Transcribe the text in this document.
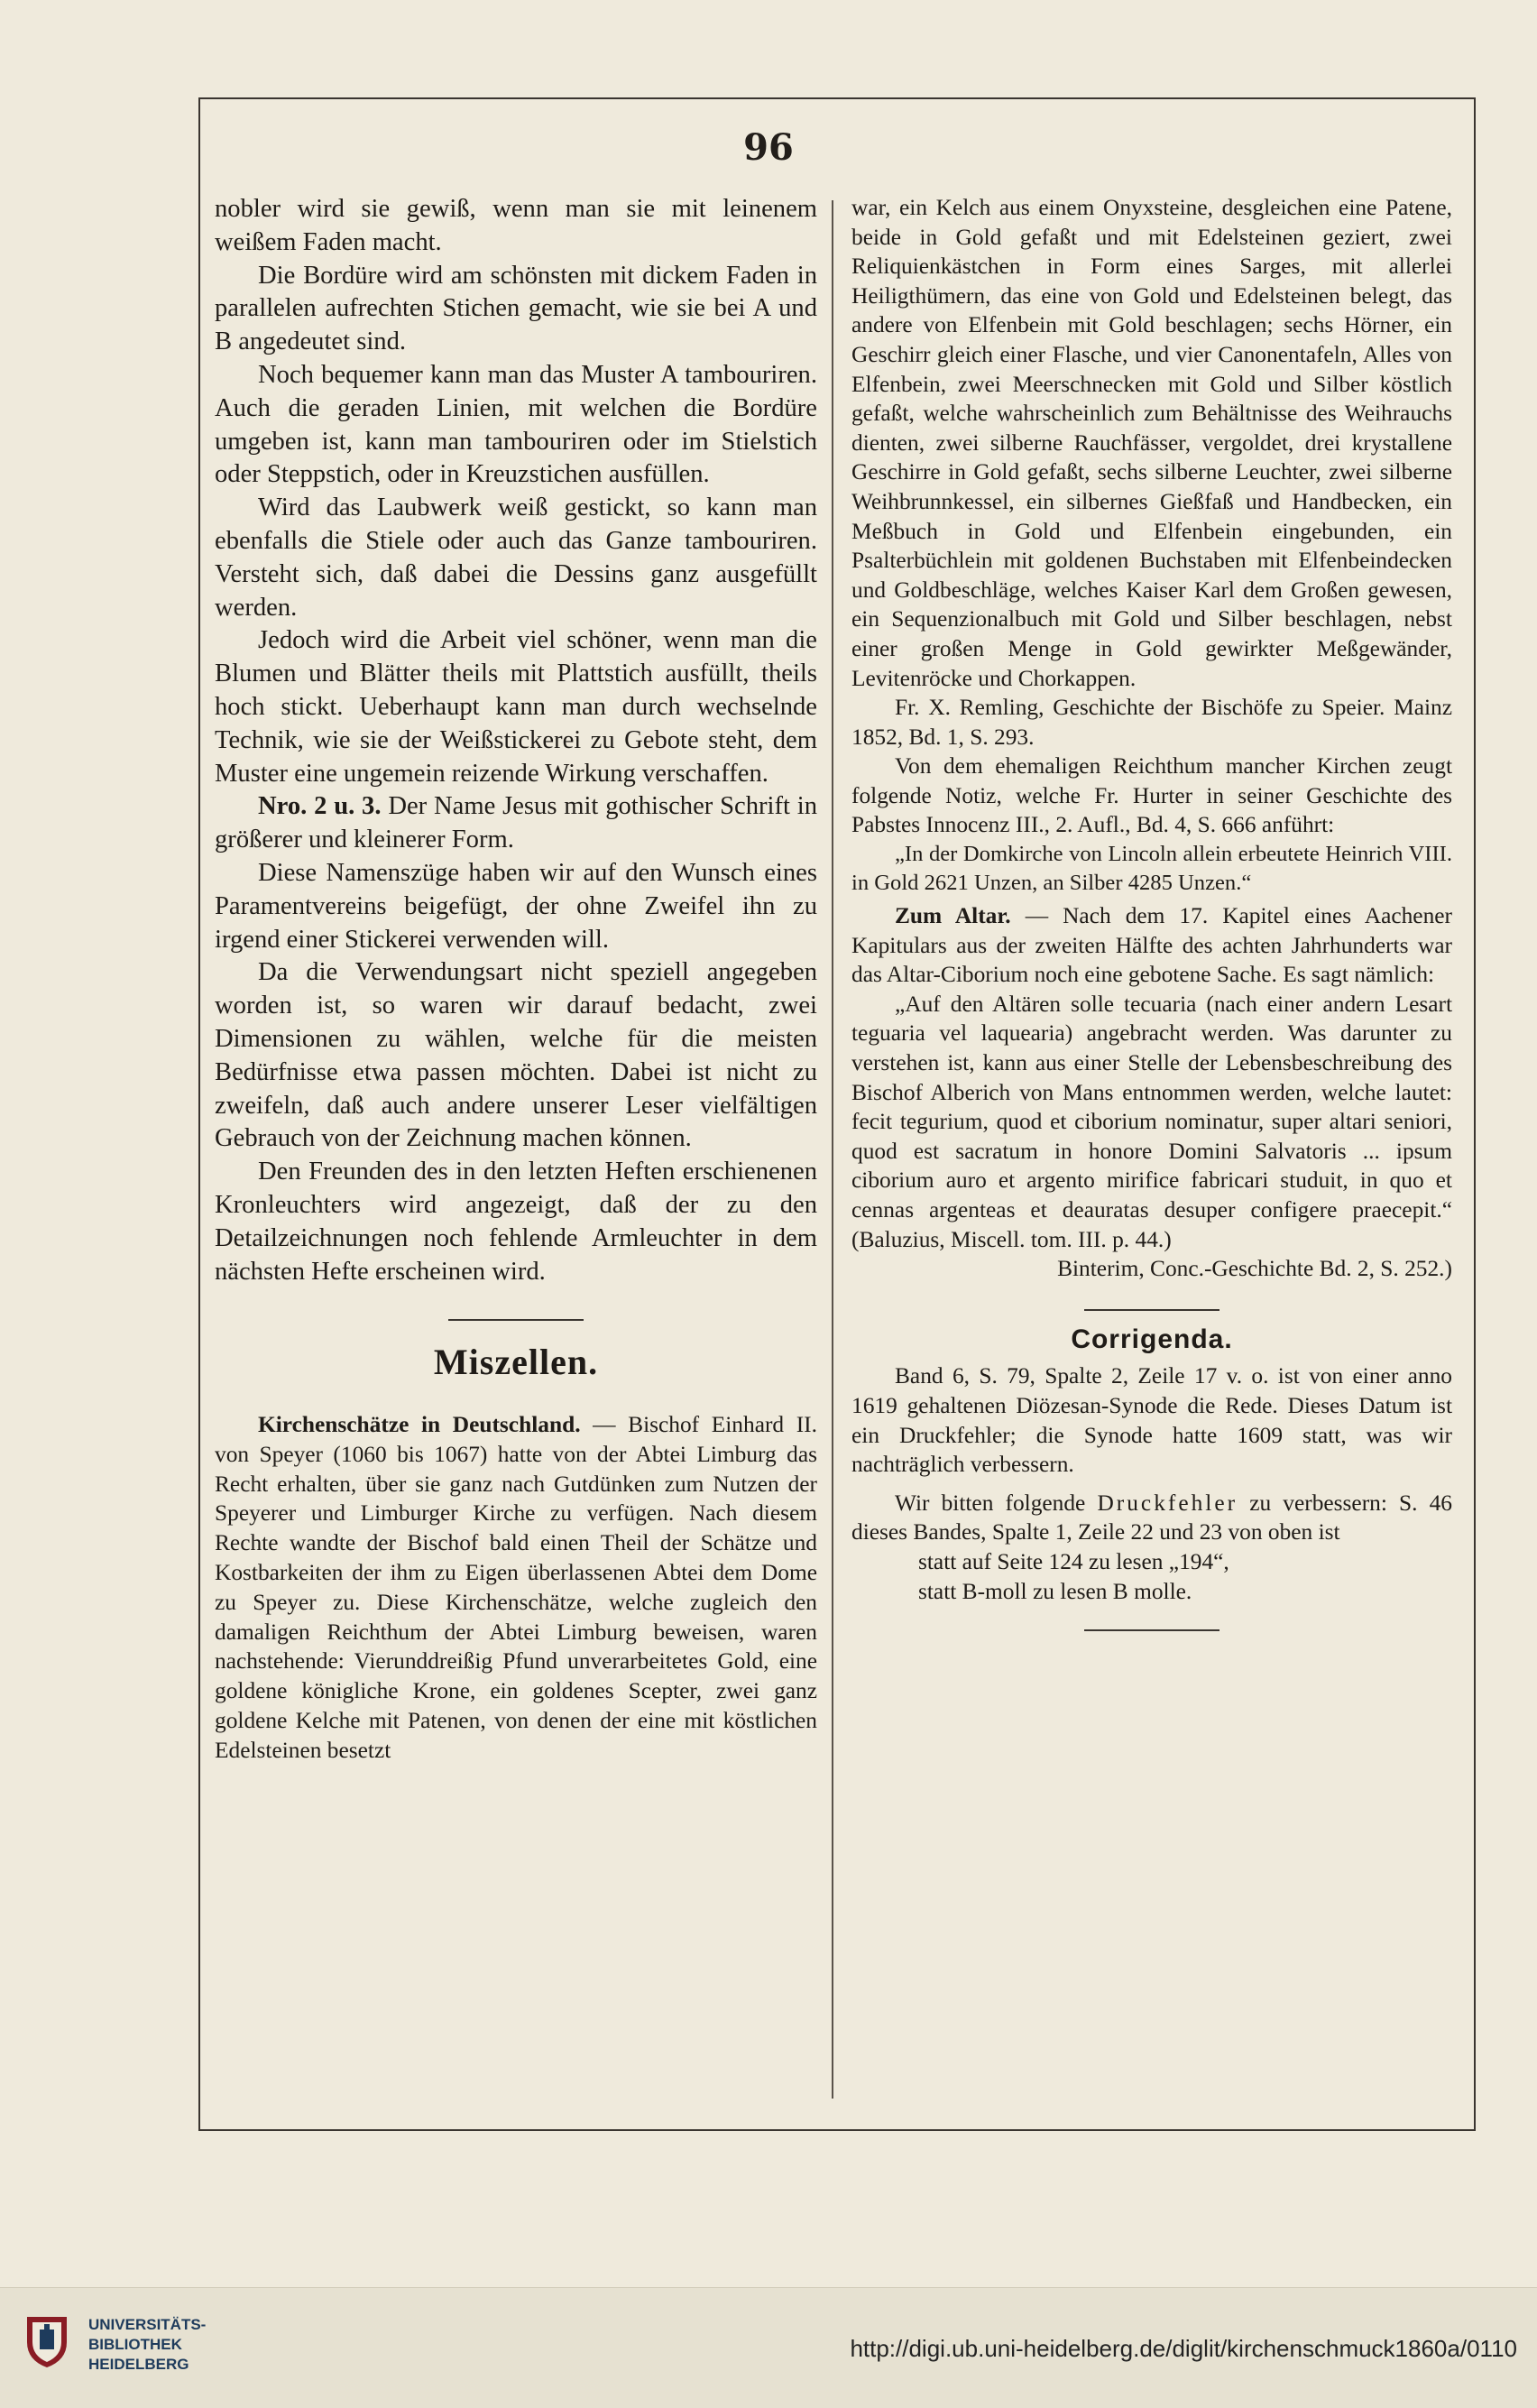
96

nobler wird sie gewiß, wenn man sie mit leinenem weißem Faden macht.

Die Bordüre wird am schönsten mit dickem Faden in parallelen aufrechten Stichen gemacht, wie sie bei A und B angedeutet sind.

Noch bequemer kann man das Muster A tambouriren. Auch die geraden Linien, mit welchen die Bordüre umgeben ist, kann man tambouriren oder im Stielstich oder Steppstich, oder in Kreuzstichen ausfüllen.

Wird das Laubwerk weiß gestickt, so kann man ebenfalls die Stiele oder auch das Ganze tambouriren. Versteht sich, daß dabei die Dessins ganz ausgefüllt werden.

Jedoch wird die Arbeit viel schöner, wenn man die Blumen und Blätter theils mit Plattstich ausfüllt, theils hoch stickt. Ueberhaupt kann man durch wechselnde Technik, wie sie der Weißstickerei zu Gebote steht, dem Muster eine ungemein reizende Wirkung verschaffen.

Nro. 2 u. 3. Der Name Jesus mit gothischer Schrift in größerer und kleinerer Form.

Diese Namenszüge haben wir auf den Wunsch eines Paramentvereins beigefügt, der ohne Zweifel ihn zu irgend einer Stickerei verwenden will.

Da die Verwendungsart nicht speziell angegeben worden ist, so waren wir darauf bedacht, zwei Dimensionen zu wählen, welche für die meisten Bedürfnisse etwa passen möchten. Dabei ist nicht zu zweifeln, daß auch andere unserer Leser vielfältigen Gebrauch von der Zeichnung machen können.

Den Freunden des in den letzten Heften erschienenen Kronleuchters wird angezeigt, daß der zu den Detailzeichnungen noch fehlende Armleuchter in dem nächsten Hefte erscheinen wird.

Miszellen.

Kirchenschätze in Deutschland. — Bischof Einhard II. von Speyer (1060 bis 1067) hatte von der Abtei Limburg das Recht erhalten, über sie ganz nach Gutdünken zum Nutzen der Speyerer und Limburger Kirche zu verfügen. Nach diesem Rechte wandte der Bischof bald einen Theil der Schätze und Kostbarkeiten der ihm zu Eigen überlassenen Abtei dem Dome zu Speyer zu. Diese Kirchenschätze, welche zugleich den damaligen Reichthum der Abtei Limburg beweisen, waren nachstehende: Vierunddreißig Pfund unverarbeitetes Gold, eine goldene königliche Krone, ein goldenes Scepter, zwei ganz goldene Kelche mit Patenen, von denen der eine mit köstlichen Edelsteinen besetzt

war, ein Kelch aus einem Onyxsteine, desgleichen eine Patene, beide in Gold gefaßt und mit Edelsteinen geziert, zwei Reliquienkästchen in Form eines Sarges, mit allerlei Heiligthümern, das eine von Gold und Edelsteinen belegt, das andere von Elfenbein mit Gold beschlagen; sechs Hörner, ein Geschirr gleich einer Flasche, und vier Canonentafeln, Alles von Elfenbein, zwei Meerschnecken mit Gold und Silber köstlich gefaßt, welche wahrscheinlich zum Behältnisse des Weihrauchs dienten, zwei silberne Rauchfässer, vergoldet, drei krystallene Geschirre in Gold gefaßt, sechs silberne Leuchter, zwei silberne Weihbrunnkessel, ein silbernes Gießfaß und Handbecken, ein Meßbuch in Gold und Elfenbein eingebunden, ein Psalterbüchlein mit goldenen Buchstaben mit Elfenbeindecken und Goldbeschläge, welches Kaiser Karl dem Großen gewesen, ein Sequenzionalbuch mit Gold und Silber beschlagen, nebst einer großen Menge in Gold gewirkter Meßgewänder, Levitenröcke und Chorkappen.

Fr. X. Remling, Geschichte der Bischöfe zu Speier. Mainz 1852, Bd. 1, S. 293.

Von dem ehemaligen Reichthum mancher Kirchen zeugt folgende Notiz, welche Fr. Hurter in seiner Geschichte des Pabstes Innocenz III., 2. Aufl., Bd. 4, S. 666 anführt:

„In der Domkirche von Lincoln allein erbeutete Heinrich VIII. in Gold 2621 Unzen, an Silber 4285 Unzen.“

Zum Altar. — Nach dem 17. Kapitel eines Aachener Kapitulars aus der zweiten Hälfte des achten Jahrhunderts war das Altar-Ciborium noch eine gebotene Sache. Es sagt nämlich:

„Auf den Altären solle tecuaria (nach einer andern Lesart teguaria vel laquearia) angebracht werden. Was darunter zu verstehen ist, kann aus einer Stelle der Lebensbeschreibung des Bischof Alberich von Mans entnommen werden, welche lautet: fecit tegurium, quod et ciborium nominatur, super altari seniori, quod est sacratum in honore Domini Salvatoris ... ipsum ciborium auro et argento mirifice fabricari studuit, in quo et cennas argenteas et deauratas desuper configere praecepit.“ (Baluzius, Miscell. tom. III. p. 44.)

Binterim, Conc.-Geschichte Bd. 2, S. 252.)

Corrigenda.

Band 6, S. 79, Spalte 2, Zeile 17 v. o. ist von einer anno 1619 gehaltenen Diözesan-Synode die Rede. Dieses Datum ist ein Druckfehler; die Synode hatte 1609 statt, was wir nachträglich verbessern.

Wir bitten folgende Druckfehler zu verbessern: S. 46 dieses Bandes, Spalte 1, Zeile 22 und 23 von oben ist

statt auf Seite 124 zu lesen „194“,

statt B-moll zu lesen B molle.

UNIVERSITÄTS-
BIBLIOTHEK
HEIDELBERG
http://digi.ub.uni-heidelberg.de/diglit/kirchenschmuck1860a/0110
